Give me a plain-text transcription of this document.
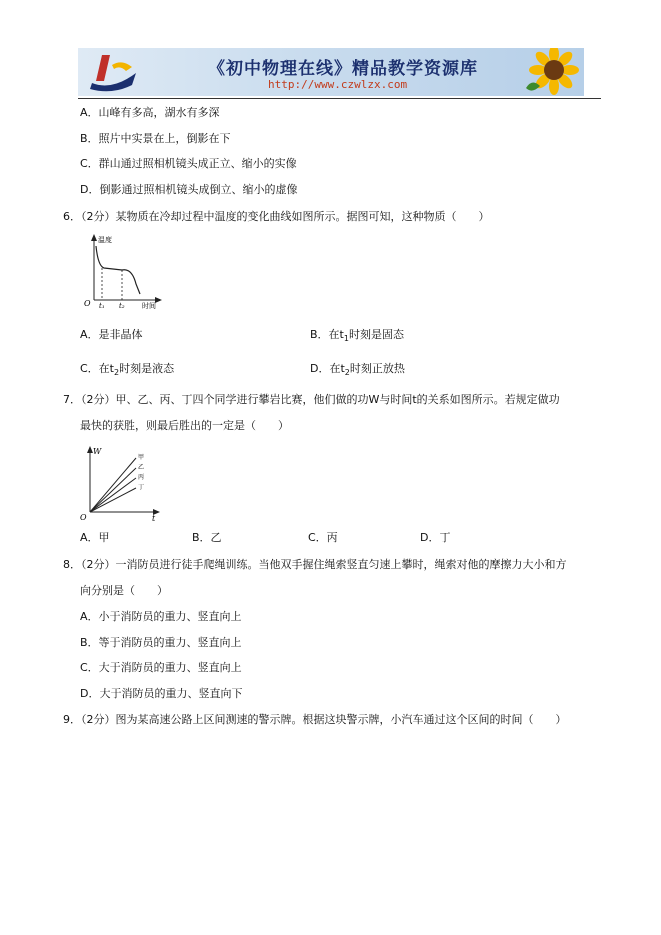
《初中物理在线》精品教学资源库
http://www.czwlzx.com
A．山峰有多高，湖水有多深
B．照片中实景在上，倒影在下
C．群山通过照相机镜头成正立、缩小的实像
D．倒影通过照相机镜头成倒立、缩小的虚像
6．（2分）某物质在冷却过程中温度的变化曲线如图所示。据图可知，这种物质（　　）
温度
O t₁ t₂ 时间
A．是非晶体	B．在$t_1$时刻是固态
C．在$t_2$时刻是液态	D．在$t_2$时刻正放热
7．（2分）甲、乙、丙、丁四个同学进行攀岩比赛，他们做的功W与时间t的关系如图所示。若规定做功
最快的获胜，则最后胜出的一定是（　　）
W
O	t
甲
乙
丙
丁
A．甲	B．乙	C．丙	D．丁
8．（2分）一消防员进行徒手爬绳训练。当他双手握住绳索竖直匀速上攀时，绳索对他的摩擦力大小和方
向分别是（　　）
A．小于消防员的重力、竖直向上
B．等于消防员的重力、竖直向上
C．大于消防员的重力、竖直向上
D．大于消防员的重力、竖直向下
9．（2分）图为某高速公路上区间测速的警示牌。根据这块警示牌，小汽车通过这个区间的时间（　　）
